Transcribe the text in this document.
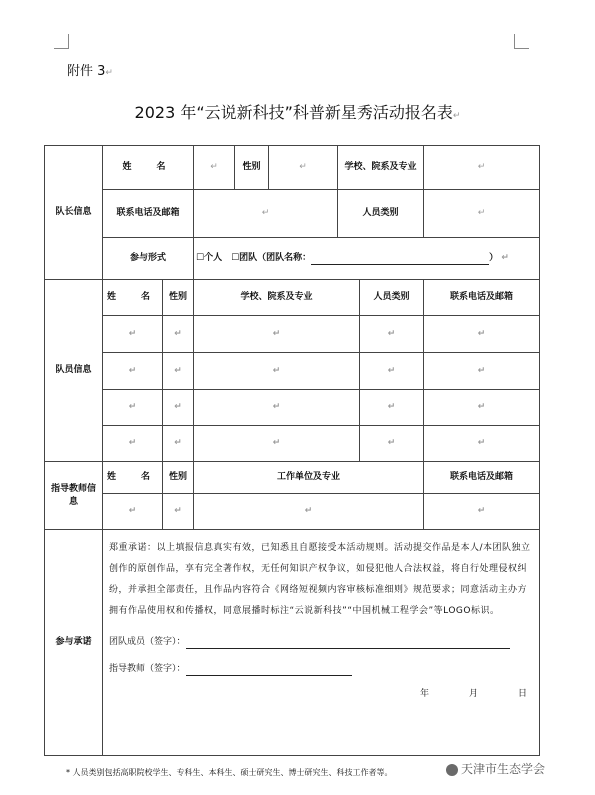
附件 3↵
2023 年“云说新科技”科普新星秀活动报名表↵
队长信息	姓　名		↵	性别	↵	学校、院系及专业		↵
	联系电话及邮箱		↵			人员类别		↵
	参与形式		☐个人　☐团队（团队名称： ） ↵					
队员信息	姓　名	性别	学校、院系及专业				人员类别	联系电话及邮箱
	↵	↵	↵				↵	↵
	↵	↵	↵				↵	↵
	↵	↵	↵				↵	↵
	↵	↵	↵				↵	↵
指导教师信息	姓　名	性别	工作单位及专业					联系电话及邮箱
	↵	↵	↵					↵
参与承诺	郑重承诺：以上填报信息真实有效，已知悉且自愿接受本活动规则。活动提交作品是本人/本团队独立创作的原创作品，享有完全著作权，无任何知识产权争议，如侵犯他人合法权益，将自行处理侵权纠纷，并承担全部责任，且作品内容符合《网络短视频内容审核标准细则》规范要求；同意活动主办方拥有作品使用权和传播权，同意展播时标注“云说新科技”“中国机械工程学会”等LOGO标识。
团队成员（签字）：
指导教师（签字）：
年 月 日							
* 人员类别包括高职院校学生、专科生、本科生、硕士研究生、博士研究生、科技工作者等。	天津市生态学会
